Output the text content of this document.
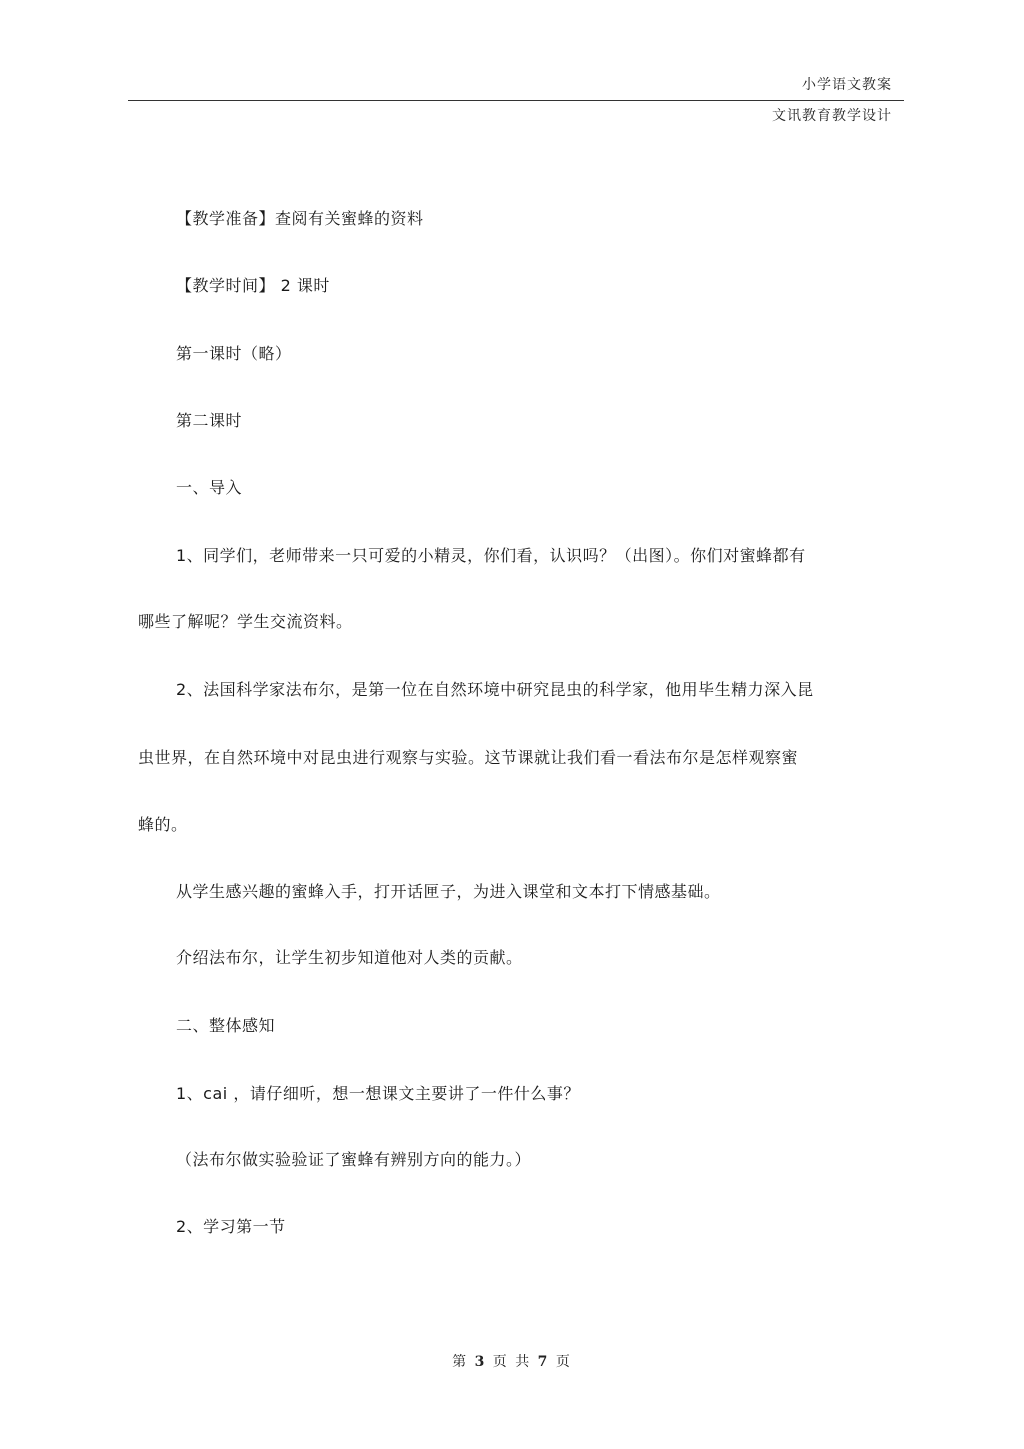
小学语文教案
文讯教育教学设计
【教学准备】查阅有关蜜蜂的资料
【教学时间】 2 课时
第一课时（略）
第二课时
一、导入
1、同学们，老师带来一只可爱的小精灵，你们看，认识吗？（出图）。你们对蜜蜂都有
哪些了解呢？学生交流资料。
2、法国科学家法布尔，是第一位在自然环境中研究昆虫的科学家，他用毕生精力深入昆
虫世界，在自然环境中对昆虫进行观察与实验。这节课就让我们看一看法布尔是怎样观察蜜
蜂的。
从学生感兴趣的蜜蜂入手，打开话匣子，为进入课堂和文本打下情感基础。
介绍法布尔，让学生初步知道他对人类的贡献。
二、整体感知
1、cai ，请仔细听，想一想课文主要讲了一件什么事？
（法布尔做实验验证了蜜蜂有辨别方向的能力。）
2、学习第一节
第 3 页 共 7 页
